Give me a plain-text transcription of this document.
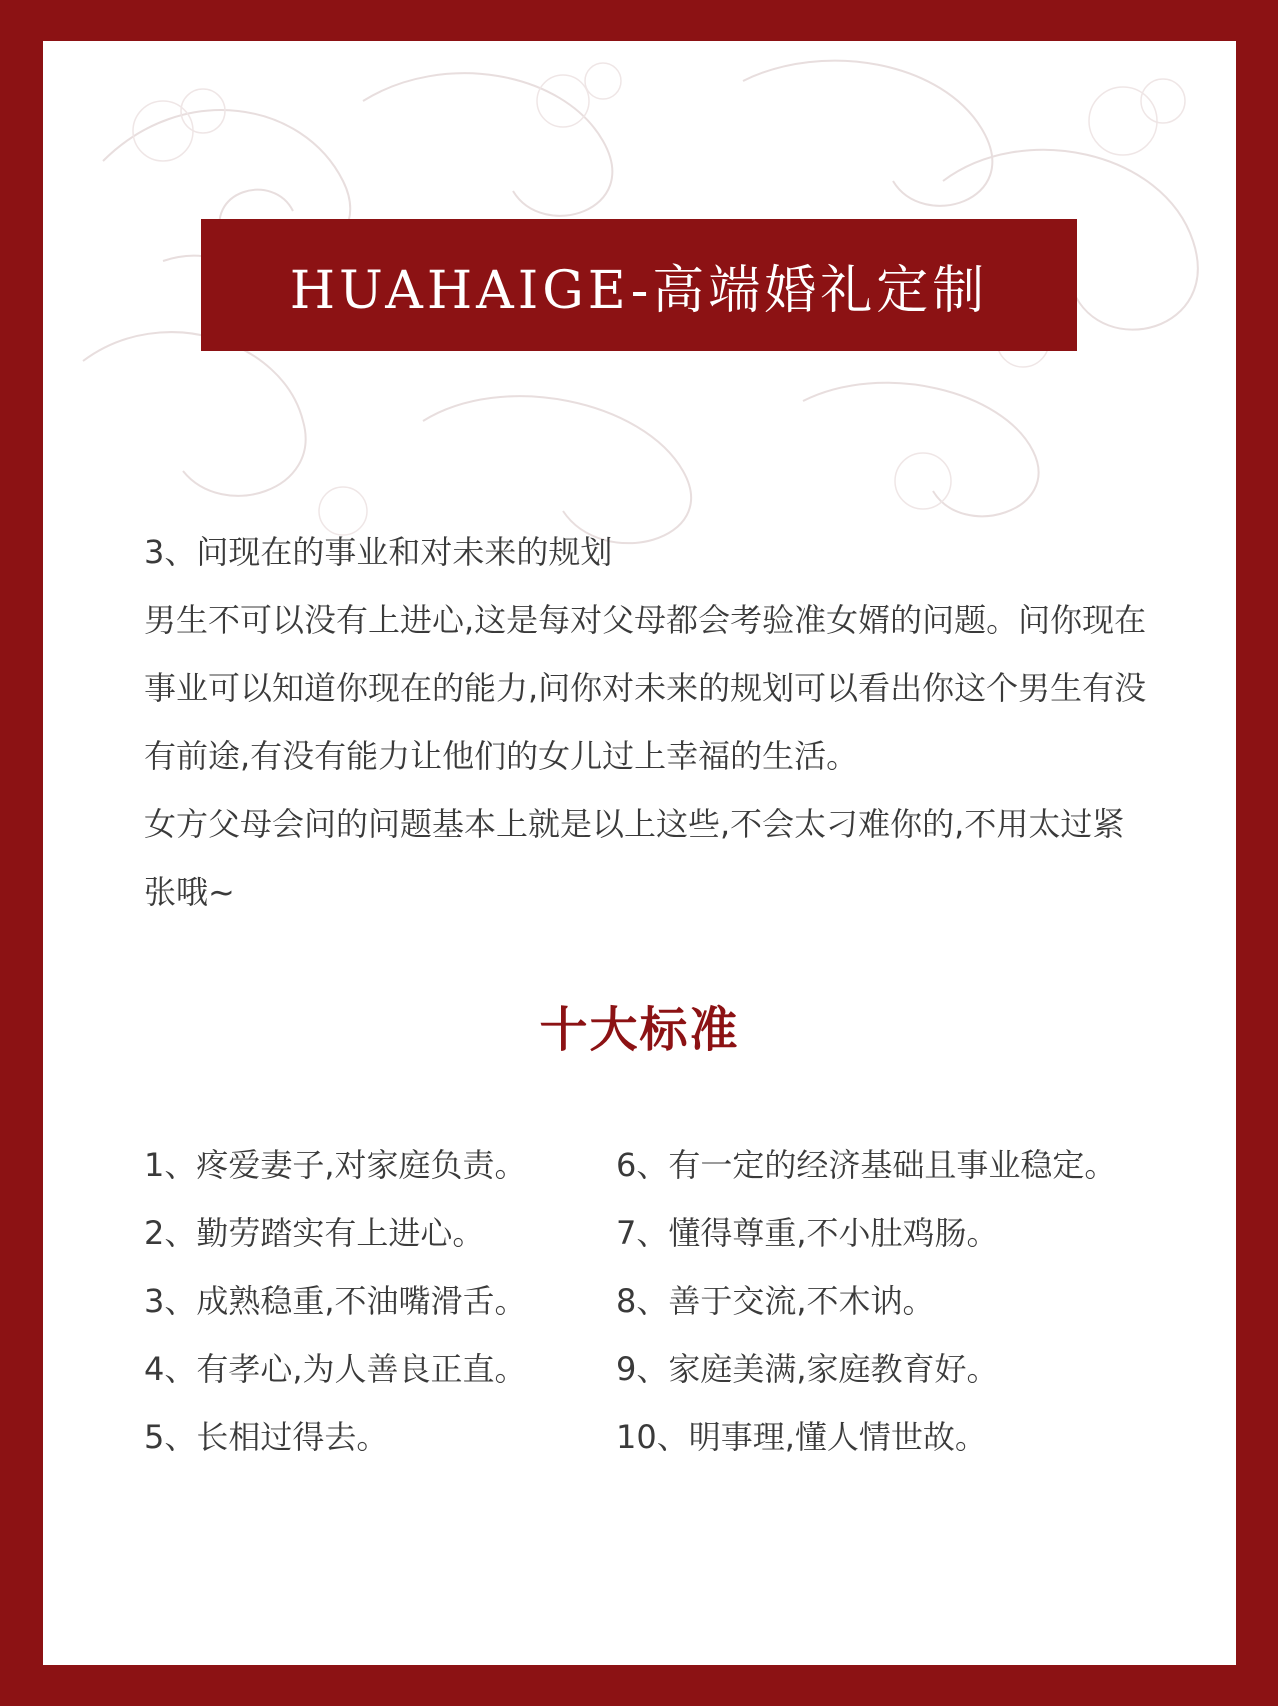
HUAHAIGE-高端婚礼定制

3、问现在的事业和对未来的规划

男生不可以没有上进心,这是每对父母都会考验准女婿的问题。问你现在事业可以知道你现在的能力,问你对未来的规划可以看出你这个男生有没有前途,有没有能力让他们的女儿过上幸福的生活。

女方父母会问的问题基本上就是以上这些,不会太刁难你的,不用太过紧张哦~

十大标准
1、疼爱妻子,对家庭负责。
2、勤劳踏实有上进心。
3、成熟稳重,不油嘴滑舌。
4、有孝心,为人善良正直。
5、长相过得去。
6、有一定的经济基础且事业稳定。
7、懂得尊重,不小肚鸡肠。
8、善于交流,不木讷。
9、家庭美满,家庭教育好。
10、明事理,懂人情世故。
